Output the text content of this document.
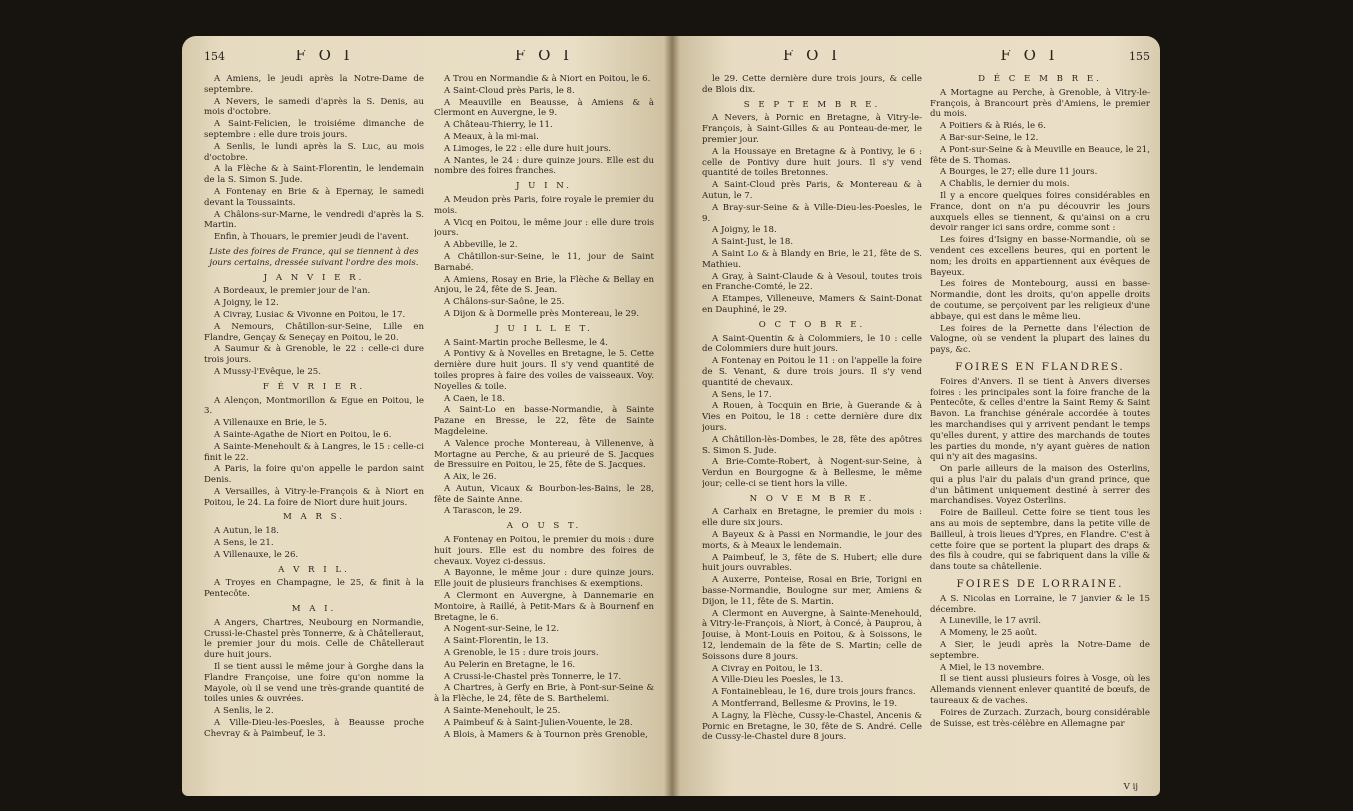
154	F O I

A Amiens, le jeudi après la Notre-Dame de septembre.

A Nevers, le samedi d'après la S. Denis, au mois d'octobre.

A Saint-Felicien, le troisiéme dimanche de septembre : elle dure trois jours.

A Senlis, le lundi après la S. Luc, au mois d'octobre.

A la Flèche & à Saint-Florentin, le lendemain de la S. Simon S. Jude.

A Fontenay en Brie & à Epernay, le samedi devant la Toussaints.

A Châlons-sur-Marne, le vendredi d'après la S. Martin.

Enfin, à Thouars, le premier jeudi de l'avent.

Liste des foires de France, qui se tiennent à des jours certains, dressée suivant l'ordre des mois.

J A N V I E R.

A Bordeaux, le premier jour de l'an.

A Joigny, le 12.

A Civray, Lusiac & Vivonne en Poitou, le 17.

A Nemours, Châtillon-sur-Seine, Lille en Flandre, Gençay & Seneçay en Poitou, le 20.

A Saumur & à Grenoble, le 22 : celle-ci dure trois jours.

A Mussy-l'Evêque, le 25.

F É V R I E R.

A Alençon, Montmorillon & Egue en Poitou, le 3.

A Villenauxe en Brie, le 5.

A Sainte-Agathe de Niort en Poitou, le 6.

A Sainte-Menehoult & à Langres, le 15 : celle-ci finit le 22.

A Paris, la foire qu'on appelle le pardon saint Denis.

A Versailles, à Vitry-le-François & à Niort en Poitou, le 24. La foire de Niort dure huit jours.

M A R S.

A Autun, le 18.

A Sens, le 21.

A Villenauxe, le 26.

A V R I L.

A Troyes en Champagne, le 25, & finit à la Pentecôte.

M A I.

A Angers, Chartres, Neubourg en Normandie, Crussi-le-Chastel près Tonnerre, & à Châtelleraut, le premier jour du mois. Celle de Châtelleraut dure huit jours.

Il se tient aussi le même jour à Gorghe dans la Flandre Françoise, une foire qu'on nomme la Mayole, où il se vend une très-grande quantité de toiles unies & ouvrées.

A Senlis, le 2.

A Ville-Dieu-les-Poesles, à Beausse proche Chevray & à Paimbeuf, le 3.

F O I

A Trou en Normandie & à Niort en Poitou, le 6.

A Saint-Cloud près Paris, le 8.

A Meauville en Beausse, à Amiens & à Clermont en Auvergne, le 9.

A Château-Thierry, le 11.

A Meaux, à la mi-mai.

A Limoges, le 22 : elle dure huit jours.

A Nantes, le 24 : dure quinze jours. Elle est du nombre des foires franches.

J U I N.

A Meudon près Paris, foire royale le premier du mois.

A Vicq en Poitou, le même jour : elle dure trois jours.

A Abbeville, le 2.

A Châtillon-sur-Seine, le 11, jour de Saint Barnabé.

A Amiens, Rosay en Brie, la Flèche & Bellay en Anjou, le 24, fête de S. Jean.

A Châlons-sur-Saône, le 25.

A Dijon & à Dormelle près Montereau, le 29.

J U I L L E T.

A Saint-Martin proche Bellesme, le 4.

A Pontivy & à Novelles en Bretagne, le 5. Cette dernière dure huit jours. Il s'y vend quantité de toiles propres à faire des voiles de vaisseaux. Voy. Noyelles & toile.

A Caen, le 18.

A Saint-Lo en basse-Normandie, à Sainte Pazane en Bresse, le 22, fête de Sainte Magdeleine.

A Valence proche Montereau, à Villenenve, à Mortagne au Perche, & au prieuré de S. Jacques de Bressuire en Poitou, le 25, fête de S. Jacques.

A Aix, le 26.

A Autun, Vicaux & Bourbon-les-Bains, le 28, fête de Sainte Anne.

A Tarascon, le 29.

A O U S T.

A Fontenay en Poitou, le premier du mois : dure huit jours. Elle est du nombre des foires de chevaux. Voyez ci-dessus.

A Bayonne, le même jour : dure quinze jours. Elle jouit de plusieurs franchises & exemptions.

A Clermont en Auvergne, à Dannemarie en Montoire, à Raillé, à Petit-Mars & à Bournenf en Bretagne, le 6.

A Nogent-sur-Seine, le 12.

A Saint-Florentin, le 13.

A Grenoble, le 15 : dure trois jours.

Au Pelerin en Bretagne, le 16.

A Crussi-le-Chastel près Tonnerre, le 17.

A Chartres, à Gerfy en Brie, à Pont-sur-Seine & à la Flèche, le 24, fête de S. Barthelemi.

A Sainte-Menehoult, le 25.

A Paimbeuf & à Saint-Julien-Vouente, le 28.

A Blois, à Mamers & à Tournon près Grenoble,

F O I

le 29. Cette dernière dure trois jours, & celle de Blois dix.

S E P T E M B R E.

A Nevers, à Pornic en Bretagne, à Vitry-le-François, à Saint-Gilles & au Ponteau-de-mer, le premier jour.

A la Houssaye en Bretagne & à Pontivy, le 6 : celle de Pontivy dure huit jours. Il s'y vend quantité de toiles Bretonnes.

A Saint-Cloud près Paris, & Montereau & à Autun, le 7.

A Bray-sur-Seine & à Ville-Dieu-les-Poesles, le 9.

A Joigny, le 18.

A Saint-Just, le 18.

A Saint Lo & à Blandy en Brie, le 21, fête de S. Mathieu.

A Gray, à Saint-Claude & à Vesoul, toutes trois en Franche-Comté, le 22.

A Etampes, Villeneuve, Mamers & Saint-Donat en Dauphiné, le 29.

O C T O B R E.

A Saint-Quentin & à Colommiers, le 10 : celle de Colommiers dure huit jours.

A Fontenay en Poitou le 11 : on l'appelle la foire de S. Venant, & dure trois jours. Il s'y vend quantité de chevaux.

A Sens, le 17.

A Rouen, à Tocquin en Brie, à Guerande & à Vies en Poitou, le 18 : cette dernière dure dix jours.

A Châtillon-lès-Dombes, le 28, fête des apôtres S. Simon S. Jude.

A Brie-Comte-Robert, à Nogent-sur-Seine, à Verdun en Bourgogne & à Bellesme, le même jour; celle-ci se tient hors la ville.

N O V E M B R E.

A Carhaix en Bretagne, le premier du mois : elle dure six jours.

A Bayeux & à Passi en Normandie, le jour des morts, & à Meaux le lendemain.

A Paimbeuf, le 3, fête de S. Hubert; elle dure huit jours ouvrables.

A Auxerre, Ponteise, Rosai en Brie, Torigni en basse-Normandie, Boulogne sur mer, Amiens & Dijon, le 11, fête de S. Martin.

A Clermont en Auvergne, à Sainte-Menehould, à Vitry-le-François, à Niort, à Concé, à Pauprou, à Jouise, à Mont-Louis en Poitou, & à Soissons, le 12, lendemain de la fête de S. Martin; celle de Soissons dure 8 jours.

A Civray en Poitou, le 13.

A Ville-Dieu les Poesles, le 13.

A Fontainebleau, le 16, dure trois jours francs.

A Montferrand, Bellesme & Provins, le 19.

A Lagny, la Flèche, Cussy-le-Chastel, Ancenis & Pornic en Bretagne, le 30, fête de S. André. Celle de Cussy-le-Chastel dure 8 jours.

F O I	155

D É C E M B R E.

A Mortagne au Perche, à Grenoble, à Vitry-le-François, à Brancourt près d'Amiens, le premier du mois.

A Poitiers & à Riés, le 6.

A Bar-sur-Seine, le 12.

A Pont-sur-Seine & à Meuville en Beauce, le 21, fête de S. Thomas.

A Bourges, le 27; elle dure 11 jours.

A Chablis, le dernier du mois.

Il y a encore quelques foires considérables en France, dont on n'a pu découvrir les jours auxquels elles se tiennent, & qu'ainsi on a cru devoir ranger ici sans ordre, comme sont :

Les foires d'Isigny en basse-Normandie, où se vendent ces excellens beures, qui en portent le nom; les droits en appartiennent aux évêques de Bayeux.

Les foires de Montebourg, aussi en basse-Normandie, dont les droits, qu'on appelle droits de coutume, se perçoivent par les religieux d'une abbaye, qui est dans le même lieu.

Les foires de la Pernette dans l'élection de Valogne, où se vendent la plupart des laines du pays, &c.

FOIRES EN FLANDRES.

Foires d'Anvers. Il se tient à Anvers diverses foires : les principales sont la foire franche de la Pentecôte, & celles d'entre la Saint Remy & Saint Bavon. La franchise générale accordée à toutes les marchandises qui y arrivent pendant le temps qu'elles durent, y attire des marchands de toutes les parties du monde, n'y ayant guères de nation qui n'y ait des magasins.

On parle ailleurs de la maison des Osterlins, qui a plus l'air du palais d'un grand prince, que d'un bâtiment uniquement destiné à serrer des marchandises. Voyez Osterlins.

Foire de Bailleul. Cette foire se tient tous les ans au mois de septembre, dans la petite ville de Bailleul, à trois lieues d'Ypres, en Flandre. C'est à cette foire que se portent la plupart des draps & des fils à coudre, qui se fabriquent dans la ville & dans toute sa châtellenie.

FOIRES DE LORRAINE.

A S. Nicolas en Lorraine, le 7 janvier & le 15 décembre.

A Luneville, le 17 avril.

A Momeny, le 25 août.

A Sier, le jeudi après la Notre-Dame de septembre.

A Miel, le 13 novembre.

Il se tient aussi plusieurs foires à Vosge, où les Allemands viennent enlever quantité de bœufs, de taureaux & de vaches.

Foires de Zurzach. Zurzach, bourg considérable de Suisse, est très-célèbre en Allemagne par

V ij
